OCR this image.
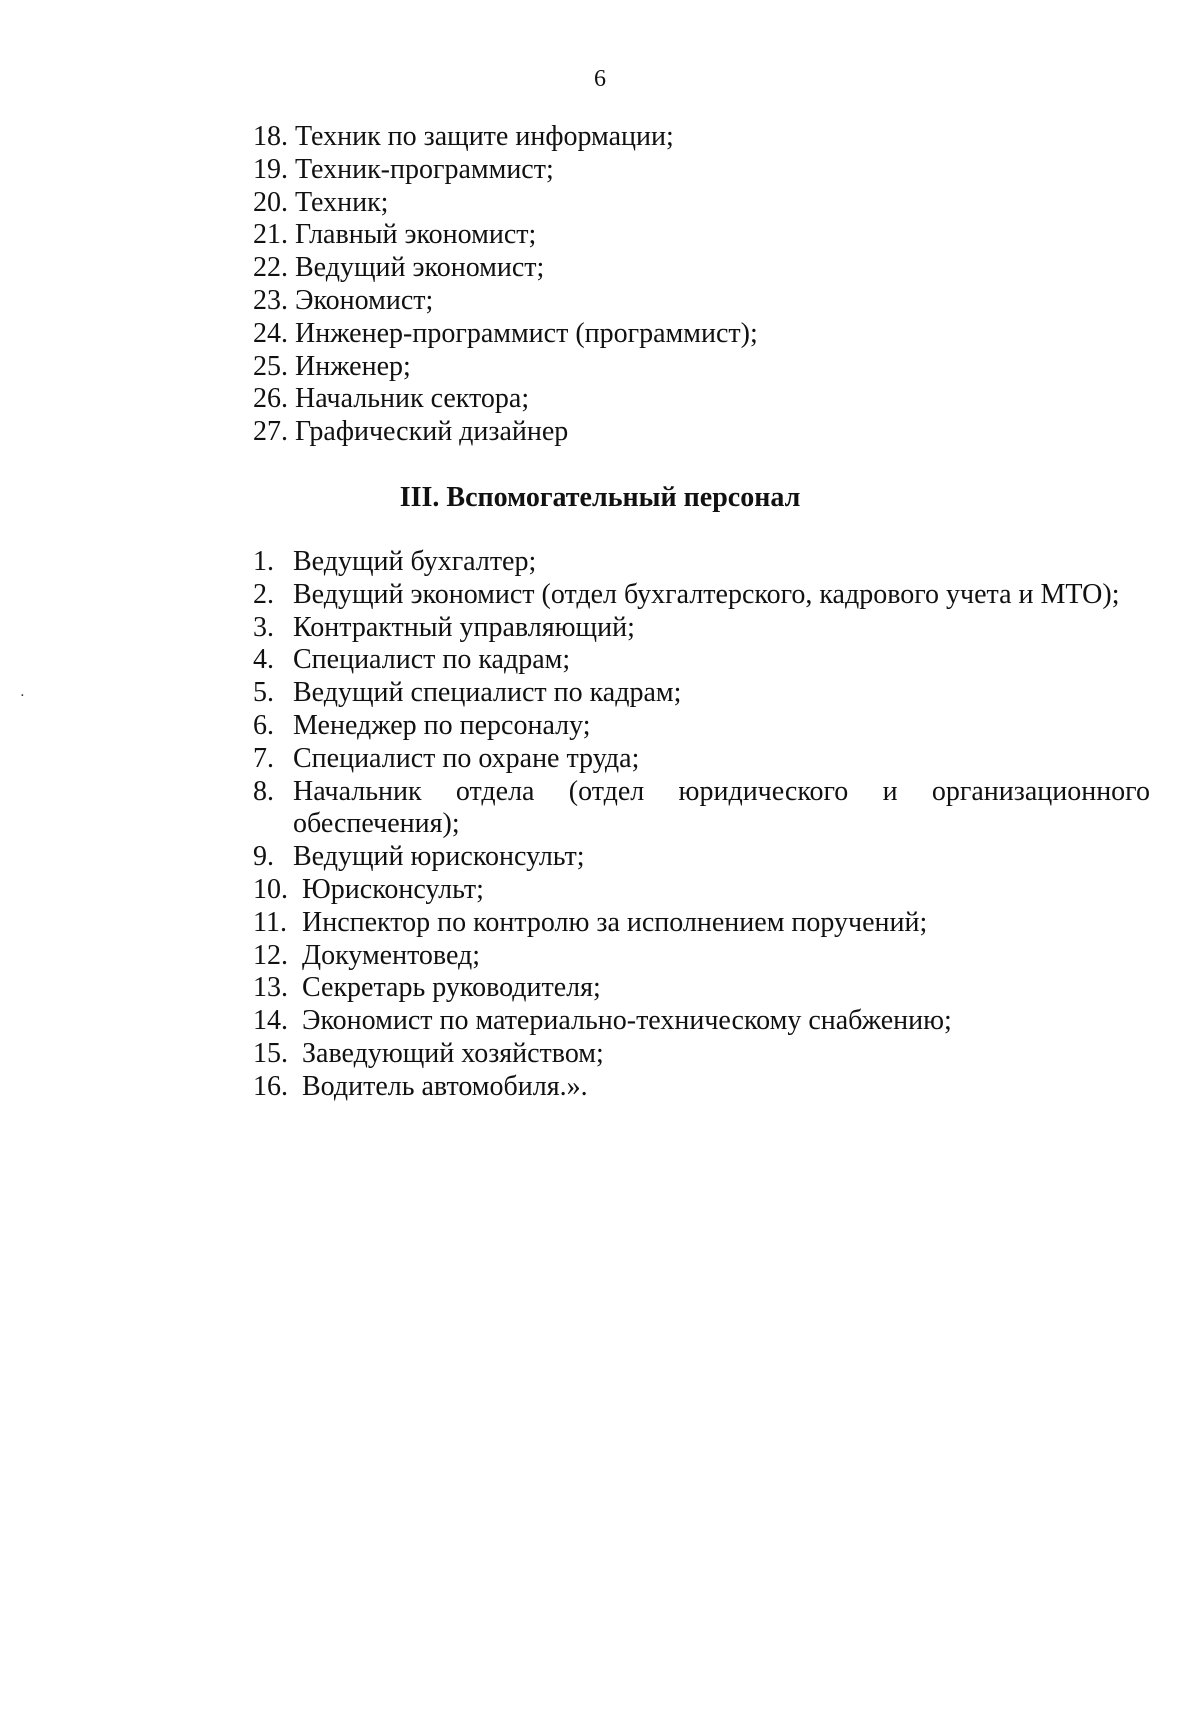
6
18. Техник по защите информации;
19. Техник-программист;
20. Техник;
21. Главный экономист;
22. Ведущий экономист;
23. Экономист;
24. Инженер-программист (программист);
25. Инженер;
26. Начальник сектора;
27. Графический дизайнер
III. Вспомогательный персонал
1. Ведущий бухгалтер;
2. Ведущий экономист (отдел бухгалтерского, кадрового учета и МТО);
3. Контрактный управляющий;
4. Специалист по кадрам;
5. Ведущий специалист по кадрам;
6. Менеджер по персоналу;
7. Специалист по охране труда;
8. Начальник отдела (отдел юридического и организационного
обеспечения);
9. Ведущий юрисконсульт;
10. Юрисконсульт;
11. Инспектор по контролю за исполнением поручений;
12. Документовед;
13. Секретарь руководителя;
14. Экономист по материально-техническому снабжению;
15. Заведующий хозяйством;
16. Водитель автомобиля.».
․
